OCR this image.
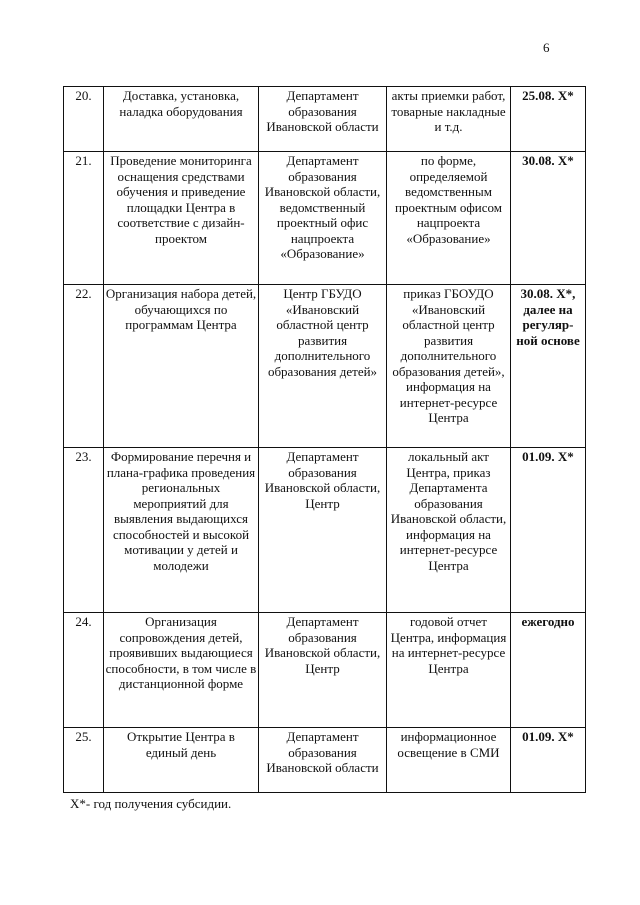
6
20.	Доставка, установка, наладка оборудования	Департамент образования Ивановской области	акты приемки работ, товарные накладные и т.д.	25.08. Х*
21.	Проведение мониторинга оснащения средствами обучения и приведение площадки Центра в соответствие с дизайн-проектом	Департамент образования Ивановской области, ведомственный проектный офис нацпроекта «Образование»	по форме, определяемой ведомственным проектным офисом нацпроекта «Образование»	30.08. Х*
22.	Организация набора детей, обучающихся по программам Центра	Центр ГБУДО «Ивановский областной центр развития дополнительного образования детей»	приказ ГБОУДО «Ивановский областной центр развития дополнительного образования детей», информация на интернет-ресурсе Центра	30.08. Х*, далее на регуляр-ной основе
23.	Формирование перечня и плана-графика проведения региональных мероприятий для выявления выдающихся способностей и высокой мотивации у детей и молодежи	Департамент образования Ивановской области, Центр	локальный акт Центра, приказ Департамента образования Ивановской области, информация на интернет-ресурсе Центра	01.09. Х*
24.	Организация сопровождения детей, проявивших выдающиеся способности, в том числе в дистанционной форме	Департамент образования Ивановской области, Центр	годовой отчет Центра, информация на интернет-ресурсе Центра	ежегодно
25.	Открытие Центра в единый день	Департамент образования Ивановской области	информационное освещение в СМИ	01.09. Х*
Х*- год получения субсидии.
